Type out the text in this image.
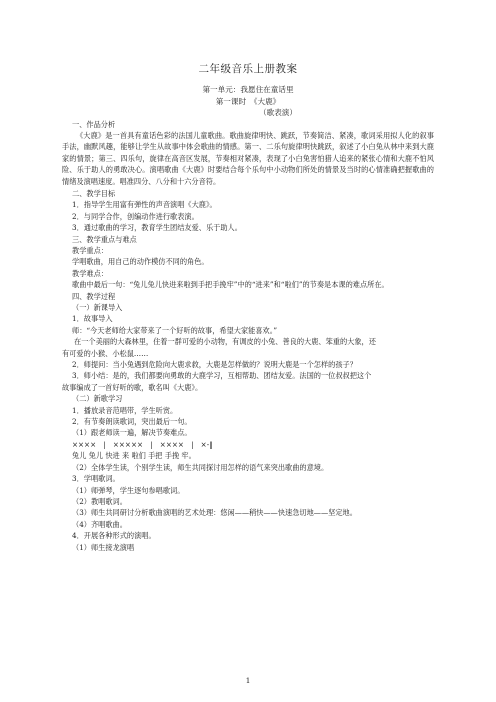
二年级音乐上册教案
第一单元：我愿住在童话里
第一课时　《大鹿》
（歌表演）
一、作品分析

《大鹿》是一首具有童话色彩的法国儿童歌曲。歌曲旋律明快、跳跃，节奏简洁、紧凑，歌词采用拟人化的叙事手法，幽默风趣，能够让学生从故事中体会歌曲的情感。第一、二乐句旋律明快跳跃，叙述了小白兔从林中来到大鹿家的情景；第三、四乐句，旋律在高音区发展，节奏相对紧凑，表现了小白兔害怕猎人追来的紧张心情和大鹿不怕风险、乐于助人的勇敢决心。演唱歌曲《大鹿》时要结合每个乐句中小动物们所处的情景及当时的心情准确把握歌曲的情绪及演唱速度。唱准四分、八分和十六分音符。

二、教学目标
1．指导学生用富有弹性的声音演唱《大鹿》。
2．与同学合作，创编动作进行歌表演。
3．通过歌曲的学习，教育学生团结友爱、乐于助人。
三、教学重点与难点
教学重点：
学唱歌曲，用自己的动作模仿不同的角色。
教学难点：
歌曲中最后一句：“兔儿兔儿快进来啦到手把手挽牢”中的“进来”和“啦们”的节奏是本课的难点所在。
四、教学过程
（一）新课导入
1．故事导入
师：“今天老师给大家带来了一个好听的故事，希望大家能喜欢。”
在一个美丽的大森林里，住着一群可爱的小动物，有调皮的小兔、善良的大鹿、笨重的大象，还
有可爱的小猴、小松鼠……
2．师提问：当小兔遇到危险向大鹿求救，大鹿是怎样做的？说明大鹿是一个怎样的孩子？
3．师小结：是的，我们都要向勇敢的大鹿学习，互相帮助、团结友爱。法国的一位叔叔把这个
故事编成了一首好听的歌，歌名叫《大鹿》。
（二）新歌学习
1．播放录音范唱带，学生听赏。
2．有节奏朗读歌词，突出最后一句。
（1）跟老师读一遍，解决节奏难点。
××××　|　×××××　|　××××　|　×-‖
兔儿 兔儿 快进 来 啦们 手把 手挽 牢。
（2）全体学生读，个别学生读，师生共同探讨用怎样的语气来突出歌曲的意境。
3．学唱歌词。
（1）师弹琴，学生逐句参唱歌词。
（2）教唱歌词。
（3）师生共同研讨分析歌曲演唱的艺术处理：悠闲——稍快——快速急切地——坚定地。
（4）齐唱歌曲。
4．开展各种形式的演唱。
（1）师生接龙演唱
1
